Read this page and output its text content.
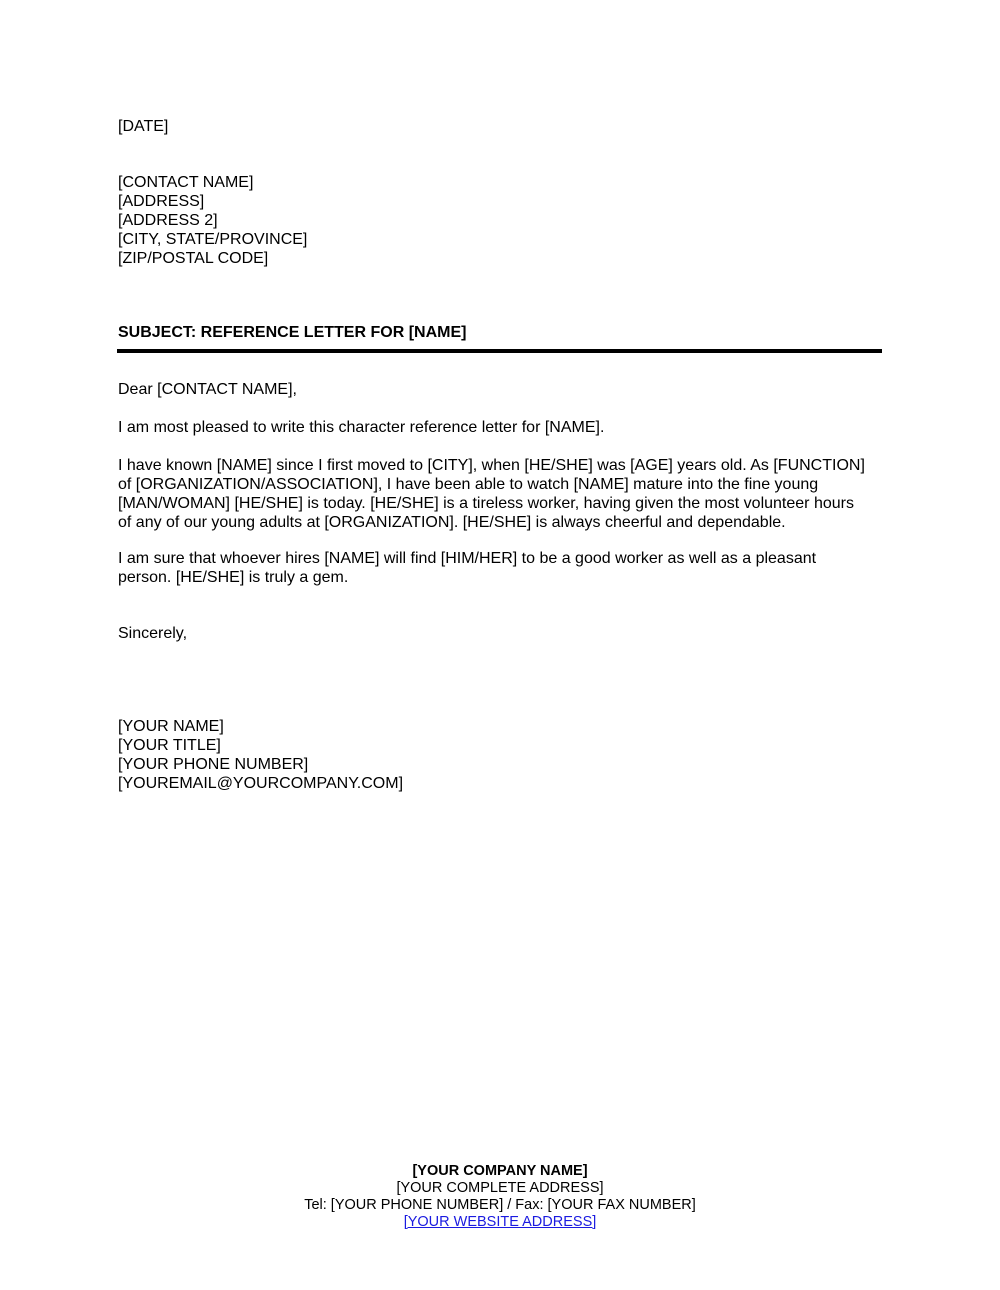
[DATE]
[CONTACT NAME]
[ADDRESS]
[ADDRESS 2]
[CITY, STATE/PROVINCE]
[ZIP/POSTAL CODE]
SUBJECT: REFERENCE LETTER FOR [NAME]
Dear [CONTACT NAME],
I am most pleased to write this character reference letter for [NAME].
I have known [NAME] since I first moved to [CITY], when [HE/SHE] was [AGE] years old. As [FUNCTION]
of [ORGANIZATION/ASSOCIATION], I have been able to watch [NAME] mature into the fine young
[MAN/WOMAN] [HE/SHE] is today. [HE/SHE] is a tireless worker, having given the most volunteer hours
of any of our young adults at [ORGANIZATION]. [HE/SHE] is always cheerful and dependable.
I am sure that whoever hires [NAME] will find [HIM/HER] to be a good worker as well as a pleasant
person. [HE/SHE] is truly a gem.
Sincerely,
[YOUR NAME]
[YOUR TITLE]
[YOUR PHONE NUMBER]
[YOUREMAIL@YOURCOMPANY.COM]
[YOUR COMPANY NAME]
[YOUR COMPLETE ADDRESS]
Tel: [YOUR PHONE NUMBER] / Fax: [YOUR FAX NUMBER]
[YOUR WEBSITE ADDRESS]
